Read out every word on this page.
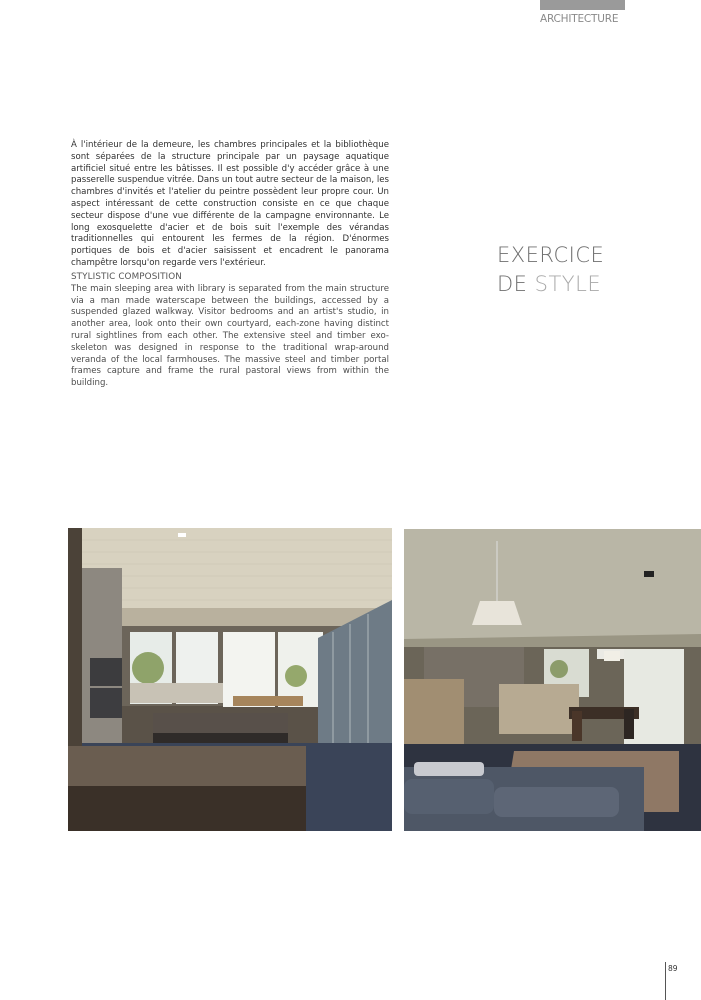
ARCHITECTURE
À l'intérieur de la demeure, les chambres principales et la bibliothèque sont séparées de la structure principale par un paysage aquatique artificiel situé entre les bâtisses. Il est possible d'y accéder grâce à une passerelle suspendue vitrée. Dans un tout autre secteur de la maison, les chambres d'invités et l'atelier du peintre possèdent leur propre cour. Un aspect intéressant de cette construction consiste en ce que chaque secteur dispose d'une vue différente de la campagne environnante. Le long exosquelette d'acier et de bois suit l'exemple des vérandas traditionnelles qui entourent les fermes de la région. D'énormes portiques de bois et d'acier saisissent et encadrent le panorama champêtre lorsqu'on regarde vers l'extérieur.
STYLISTIC COMPOSITION
The main sleeping area with library is separated from the main structure via a man made waterscape between the buildings, accessed by a suspended glazed walkway. Visitor bedrooms and an artist's studio, in another area, look onto their own courtyard, each-zone having distinct rural sightlines from each other. The extensive steel and timber exo-skeleton was designed in response to the traditional wrap-around veranda of the local farmhouses. The massive steel and timber portal frames capture and frame the rural pastoral views from within the building.
EXERCICE
DE STYLE
89
